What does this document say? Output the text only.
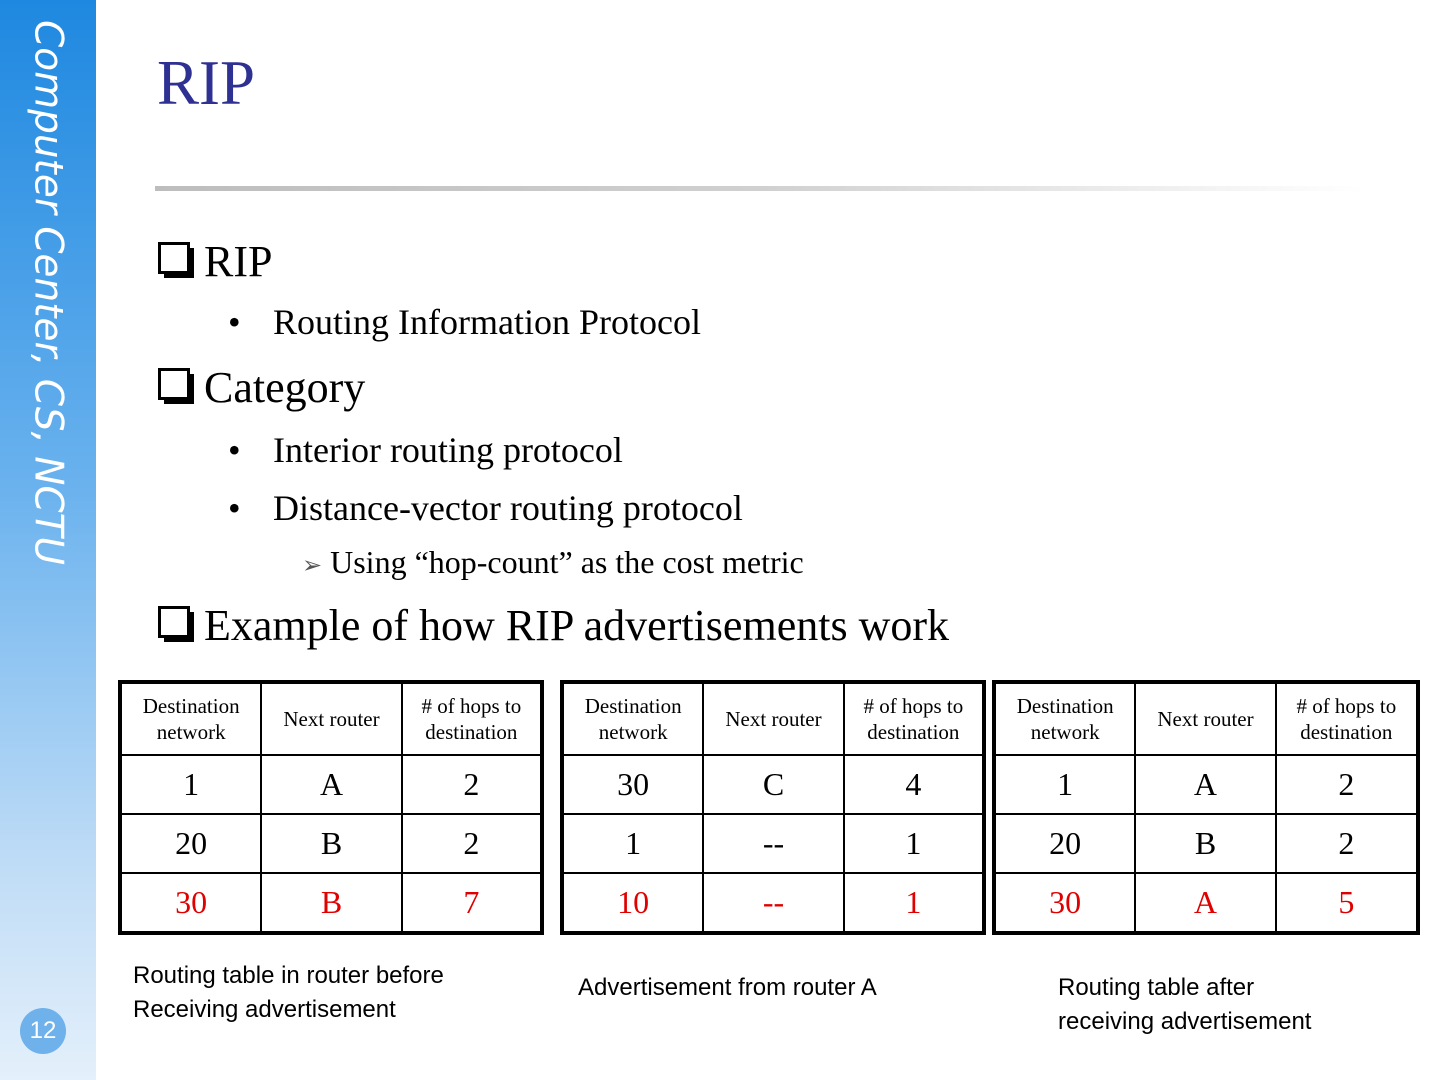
Computer Center, CS, NCTU
12
RIP
RIP
• Routing Information Protocol
Category
• Interior routing protocol
• Distance-vector routing protocol
➢ Using “hop-count” as the cost metric
Example of how RIP advertisements work
Destination network	Next router	# of hops to destination
1	A	2
20	B	2
30	B	7
Destination network	Next router	# of hops to destination
30	C	4
1	--	1
10	--	1
Destination network	Next router	# of hops to destination
1	A	2
20	B	2
30	A	5
Routing table in router before
Receiving advertisement
Advertisement from router A	Routing table after
receiving advertisement
